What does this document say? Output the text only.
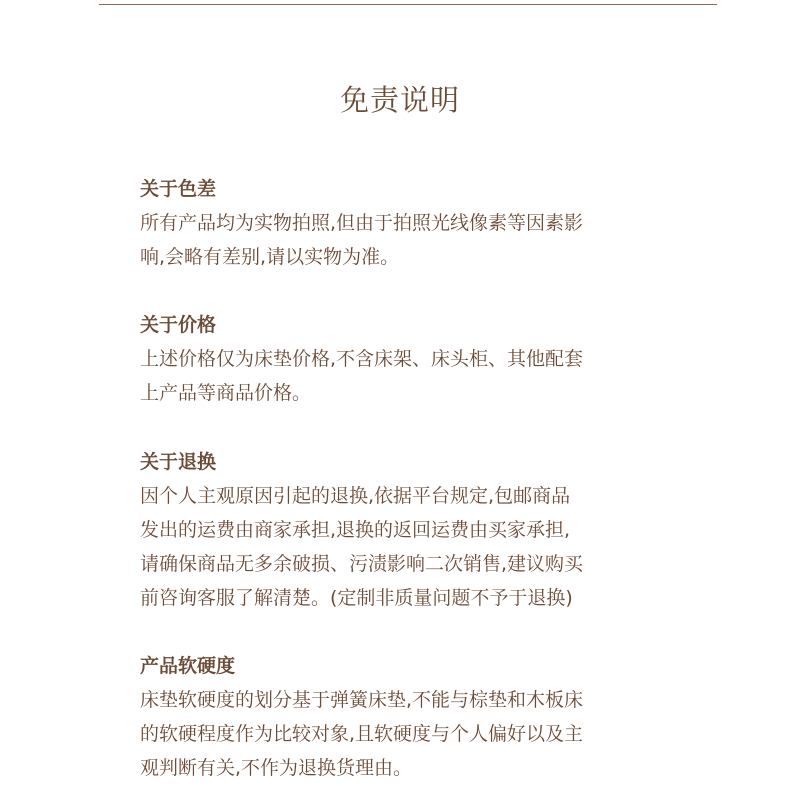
免责说明
关于色差
所有产品均为实物拍照,但由于拍照光线像素等因素影
响,会略有差别,请以实物为准。
关于价格
上述价格仅为床垫价格,不含床架、床头柜、其他配套
上产品等商品价格。
关于退换
因个人主观原因引起的退换,依据平台规定,包邮商品
发出的运费由商家承担,退换的返回运费由买家承担,
请确保商品无多余破损、污渍影响二次销售,建议购买
前咨询客服了解清楚。(定制非质量问题不予于退换)
产品软硬度
床垫软硬度的划分基于弹簧床垫,不能与棕垫和木板床
的软硬程度作为比较对象,且软硬度与个人偏好以及主
观判断有关,不作为退换货理由。
